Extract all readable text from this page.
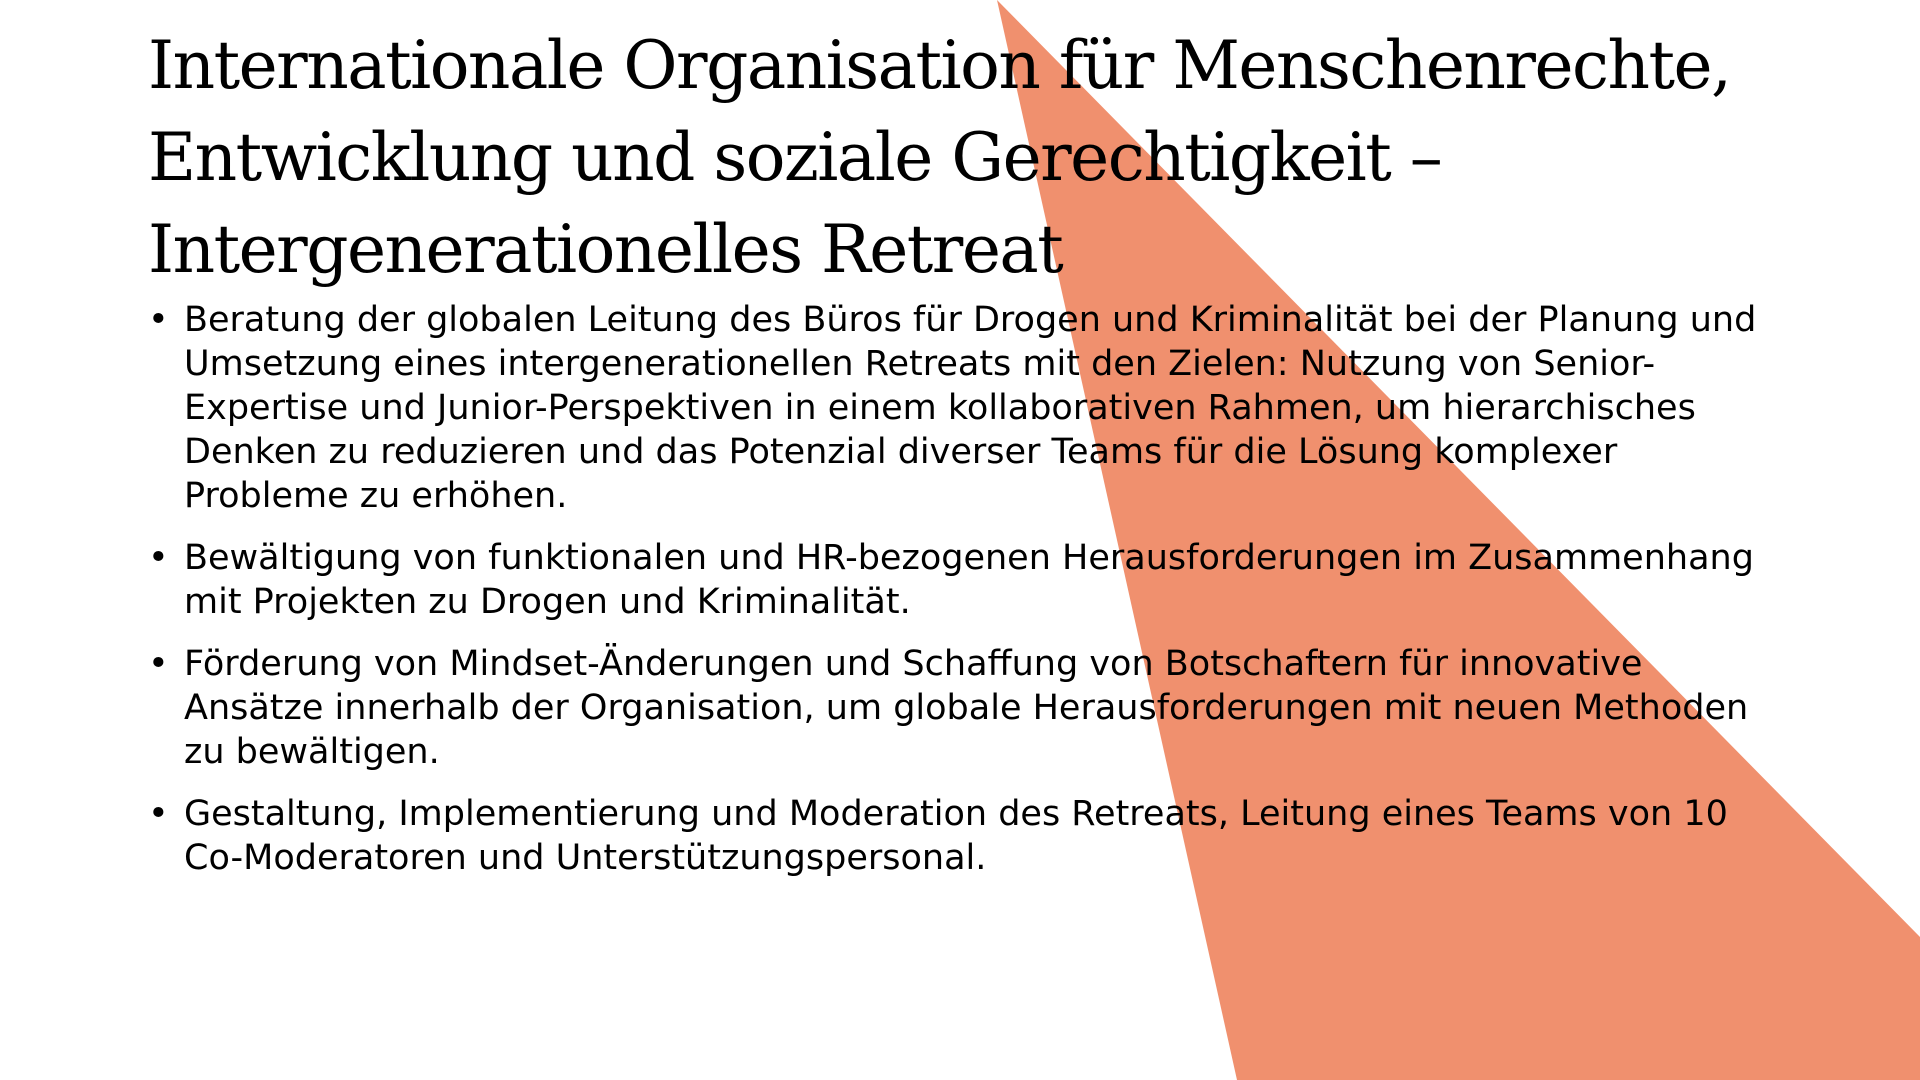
Internationale Organisation für Menschenrechte,
Entwicklung und soziale Gerechtigkeit –
Intergenerationelles Retreat
• Beratung der globalen Leitung des Büros für Drogen und Kriminalität bei der Planung und Umsetzung eines intergenerationellen Retreats mit den Zielen: Nutzung von Senior-Expertise und Junior-Perspektiven in einem kollaborativen Rahmen, um hierarchisches Denken zu reduzieren und das Potenzial diverser Teams für die Lösung komplexer Probleme zu erhöhen.
• Bewältigung von funktionalen und HR-bezogenen Herausforderungen im Zusammenhang mit Projekten zu Drogen und Kriminalität.
• Förderung von Mindset-Änderungen und Schaffung von Botschaftern für innovative Ansätze innerhalb der Organisation, um globale Herausforderungen mit neuen Methoden zu bewältigen.
• Gestaltung, Implementierung und Moderation des Retreats, Leitung eines Teams von 10 Co-Moderatoren und Unterstützungspersonal.
